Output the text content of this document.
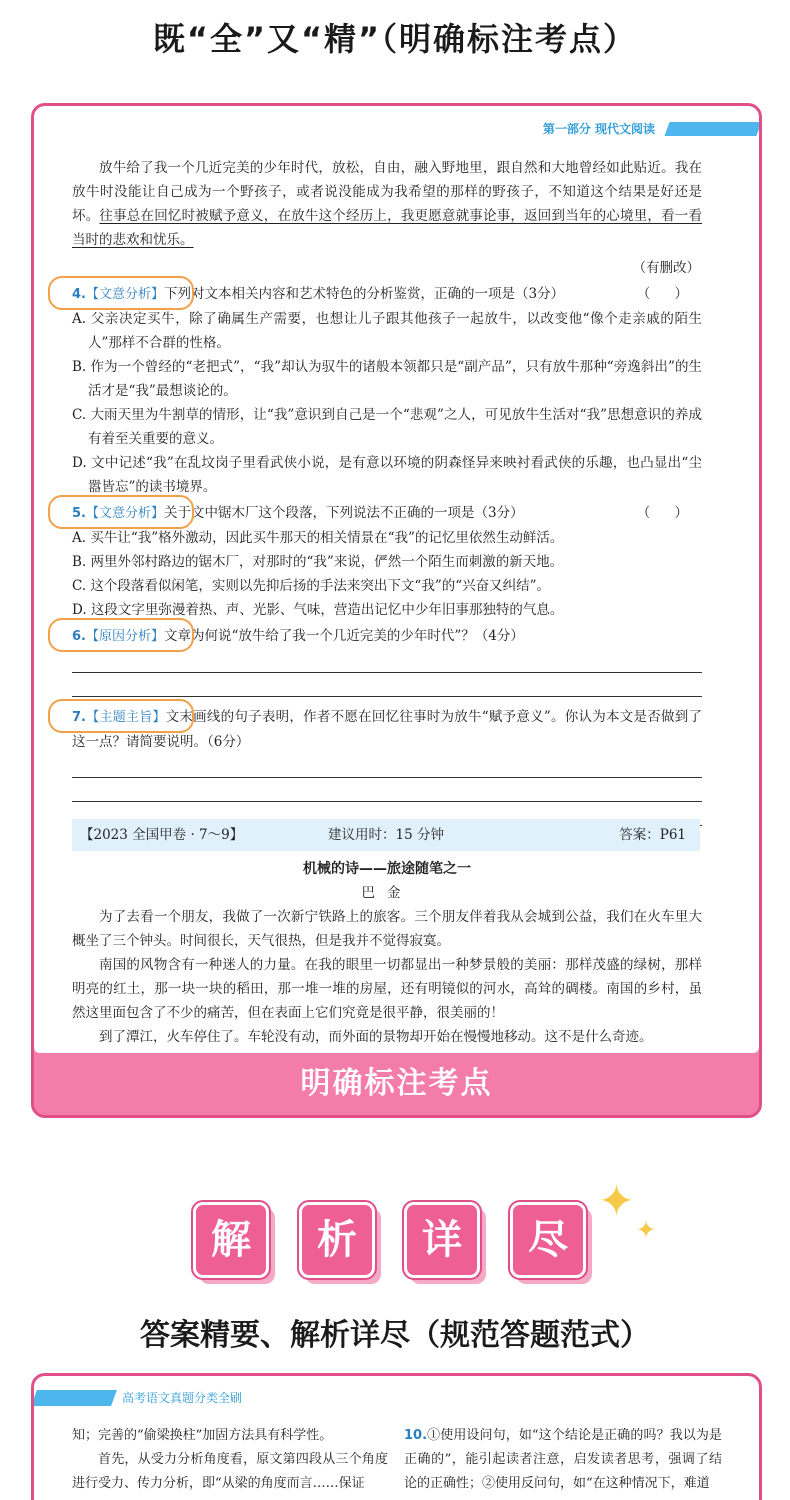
既“全”又“精”（明确标注考点）
第一部分 现代文阅读

放牛给了我一个几近完美的少年时代，放松，自由，融入野地里，跟自然和大地曾经如此贴近。我在放牛时没能让自己成为一个野孩子，或者说没能成为我希望的那样的野孩子，不知道这个结果是好还是坏。往事总在回忆时被赋予意义，在放牛这个经历上，我更愿意就事论事，返回到当年的心境里，看一看当时的悲欢和忧乐。

（有删改）
4.【文意分析】下列对文本相关内容和艺术特色的分析鉴赏，正确的一项是（3分）	（ ）
A. 父亲决定买牛，除了确属生产需要，也想让儿子跟其他孩子一起放牛，以改变他“像个走亲戚的陌生人”那样不合群的性格。
B. 作为一个曾经的“老把式”，“我”却认为驭牛的诸般本领都只是“副产品”，只有放牛那种“旁逸斜出”的生活才是“我”最想谈论的。
C. 大雨天里为牛割草的情形，让“我”意识到自己是一个“悲观”之人，可见放牛生活对“我”思想意识的养成有着至关重要的意义。
D. 文中记述“我”在乱坟岗子里看武侠小说，是有意以环境的阴森怪异来映衬看武侠的乐趣，也凸显出“尘嚣皆忘”的读书境界。
5.【文意分析】关于文中锯木厂这个段落，下列说法不正确的一项是（3分）	（ ）
A. 买牛让“我”格外激动，因此买牛那天的相关情景在“我”的记忆里依然生动鲜活。
B. 两里外邻村路边的锯木厂，对那时的“我”来说，俨然一个陌生而刺激的新天地。
C. 这个段落看似闲笔，实则以先抑后扬的手法来突出下文“我”的“兴奋又纠结”。
D. 这段文字里弥漫着热、声、光影、气味，营造出记忆中少年旧事那独特的气息。
6.【原因分析】文章为何说“放牛给了我一个几近完美的少年时代”？（4分）
7.【主题主旨】文末画线的句子表明，作者不愿在回忆往事时为放牛“赋予意义”。你认为本文是否做到了这一点？请简要说明。（6分）
【2023 全国甲卷 · 7～9】	建议用时：15 分钟	答案：P61
机械的诗——旅途随笔之一
巴金

为了去看一个朋友，我做了一次新宁铁路上的旅客。三个朋友伴着我从会城到公益，我们在火车里大概坐了三个钟头。时间很长，天气很热，但是我并不觉得寂寞。

南国的风物含有一种迷人的力量。在我的眼里一切都显出一种梦景般的美丽：那样茂盛的绿树，那样明亮的红土，那一块一块的稻田，那一堆一堆的房屋，还有明镜似的河水，高耸的碉楼。南国的乡村，虽然这里面包含了不少的痛苦，但在表面上它们究竟是很平静，很美丽的！

到了潭江，火车停住了。车轮没有动，而外面的景物却开始在慢慢地移动。这不是什么奇迹。

明确标注考点
解	析	详	尽
✦
✦
答案精要、解析详尽（规范答题范式）
高考语文真题分类全刷

知；完善的“偷梁换柱”加固方法具有科学性。

首先，从受力分析角度看，原文第四段从三个角度进行受力、传力分析，即“从梁的角度而言……保证

10.①使用设问句，如“这个结论是正确的吗？我以为是正确的”，能引起读者注意，启发读者思考，强调了结论的正确性；②使用反问句，如“在这种情况下，难道
